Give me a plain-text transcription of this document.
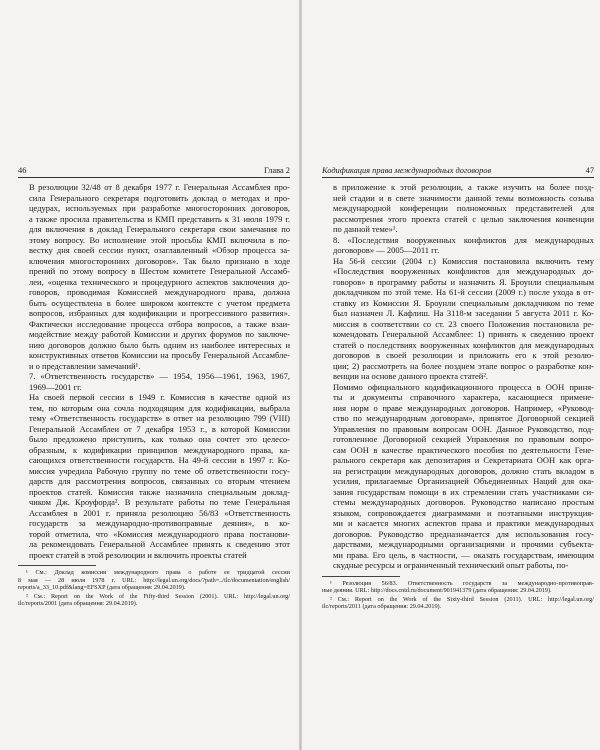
46	Глава 2

В резолюции 32/48 от 8 декабря 1977 г. Генеральная Ассамблея про-
сила Генерального секретаря подготовить доклад о методах и про-
цедурах, используемых при разработке многосторонних договоров,
а также просила правительства и КМП представить к 31 июля 1979 г.
для включения в доклад Генерального секретаря свои замечания по
этому вопросу. Во исполнение этой просьбы КМП включила в по-
вестку дня своей сессии пункт, озаглавленный «Обзор процесса за-
ключения многосторонних договоров». Так было признано в ходе
прений по этому вопросу в Шестом комитете Генеральной Ассамб-
леи, «оценка технического и процедурного аспектов заключения до-
говоров, проводимая Комиссией международного права, должна
быть осуществлена в более широком контексте с учетом предмета
вопросов, избранных для кодификации и прогрессивного развития».
Фактически исследование процесса отбора вопросов, а также взаи-
модействие между работой Комиссии и других форумов по заключе-
нию договоров должно было быть одним из наиболее интересных и
конструктивных ответов Комиссии на просьбу Генеральной Ассамбле-
и о представлении замечаний¹.

7. «Ответственность государств» — 1954, 1956—1961, 1963, 1967,
1969—2001 гг.

На своей первой сессии в 1949 г. Комиссия в качестве одной из
тем, по которым она сочла подходящим для кодификации, выбрала
тему «Ответственность государств» в ответ на резолюцию 799 (VIII)
Генеральной Ассамблеи от 7 декабря 1953 г., в которой Комиссии
было предложено приступить, как только она сочтет это целесо-
образным, к кодификации принципов международного права, ка-
сающихся ответственности государств. На 49-й сессии в 1997 г. Ко-
миссия учредила Рабочую группу по теме об ответственности госу-
дарств для рассмотрения вопросов, связанных со вторым чтением
проектов статей. Комиссия также назначила специальным доклад-
чиком Дж. Кроуфорда². В результате работы по теме Генеральная
Ассамблея в 2001 г. приняла резолюцию 56/83 «Ответственность
государств за международно-противоправные деяния», в ко-
торой отметила, что «Комиссия международного права постанови-
ла рекомендовать Генеральной Ассамблее принять к сведению этот
проект статей в этой резолюции и включить проекты статей

¹ См.: Доклад комиссии международного права о работе ее тридцатой сессии
8 мая — 28 июля 1978 г. URL: http://legal.un.org/docs/?path=../ilc/documentation/english/
reports/a_33_10.pdf&lang=EFSXP (дата обращения: 29.04.2019).

² См.: Report on the Work of the Fifty-third Session (2001). URL: http://legal.un.org/
ilc/reports/2001 (дата обращения: 29.04.2019).

Кодификация права международных договоров	47

в приложение к этой резолюции, а также изучить на более позд-
ней стадии и в свете значимости данной темы возможность созыва
международной конференции полномочных представителей для
рассмотрения этого проекта статей с целью заключения конвенции
по данной теме»¹.

8. «Последствия вооруженных конфликтов для международных
договоров» — 2005—2011 гг.

На 56-й сессии (2004 г.) Комиссия постановила включить тему
«Последствия вооруженных конфликтов для международных до-
говоров» в программу работы и назначить Я. Броунли специальным
докладчиком по этой теме. На 61-й сессии (2009 г.) после ухода в от-
ставку из Комиссии Я. Броунли специальным докладчиком по теме
был назначен Л. Кафлиш. На 3118-м заседании 5 августа 2011 г. Ко-
миссия в соответствии со ст. 23 своего Положения постановила ре-
комендовать Генеральной Ассамблее: 1) принять к сведению проект
статей о последствиях вооруженных конфликтов для международных
договоров в своей резолюции и приложить его к этой резолю-
ции; 2) рассмотреть на более позднем этапе вопрос о разработке кон-
венции на основе данного проекта статей².

Помимо официального кодификационного процесса в ООН приня-
ты и документы справочного характера, касающиеся примене-
ния норм о праве международных договоров. Например, «Руковод-
ство по международным договорам», принятое Договорной секцией
Управления по правовым вопросам ООН. Данное Руководство, под-
готовленное Договорной секцией Управления по правовым вопро-
сам ООН в качестве практического пособия по деятельности Гене-
рального секретаря как депозитария и Секретариата ООН как орга-
на регистрации международных договоров, должно стать вкладом в
усилия, прилагаемые Организацией Объединенных Наций для ока-
зания государствам помощи в их стремлении стать участниками си-
стемы международных договоров. Руководство написано простым
языком, сопровождается диаграммами и поэтапными инструкция-
ми и касается многих аспектов права и практики международных
договоров. Руководство предназначается для использования госу-
дарствами, международными организациями и прочими субъекта-
ми права. Его цель, в частности, — оказать государствам, имеющим
скудные ресурсы и ограниченный технический опыт работы, по-

¹ Резолюция 56/83. Ответственность государств за международно-противоправ-
ные деяния. URL: http://docs.cntd.ru/document/901941379 (дата обращения: 29.04.2019).

² См.: Report on the Work of the Sixty-third Session (2011). URL: http://legal.un.org/
ilc/reports/2011 (дата обращения: 29.04.2019).
